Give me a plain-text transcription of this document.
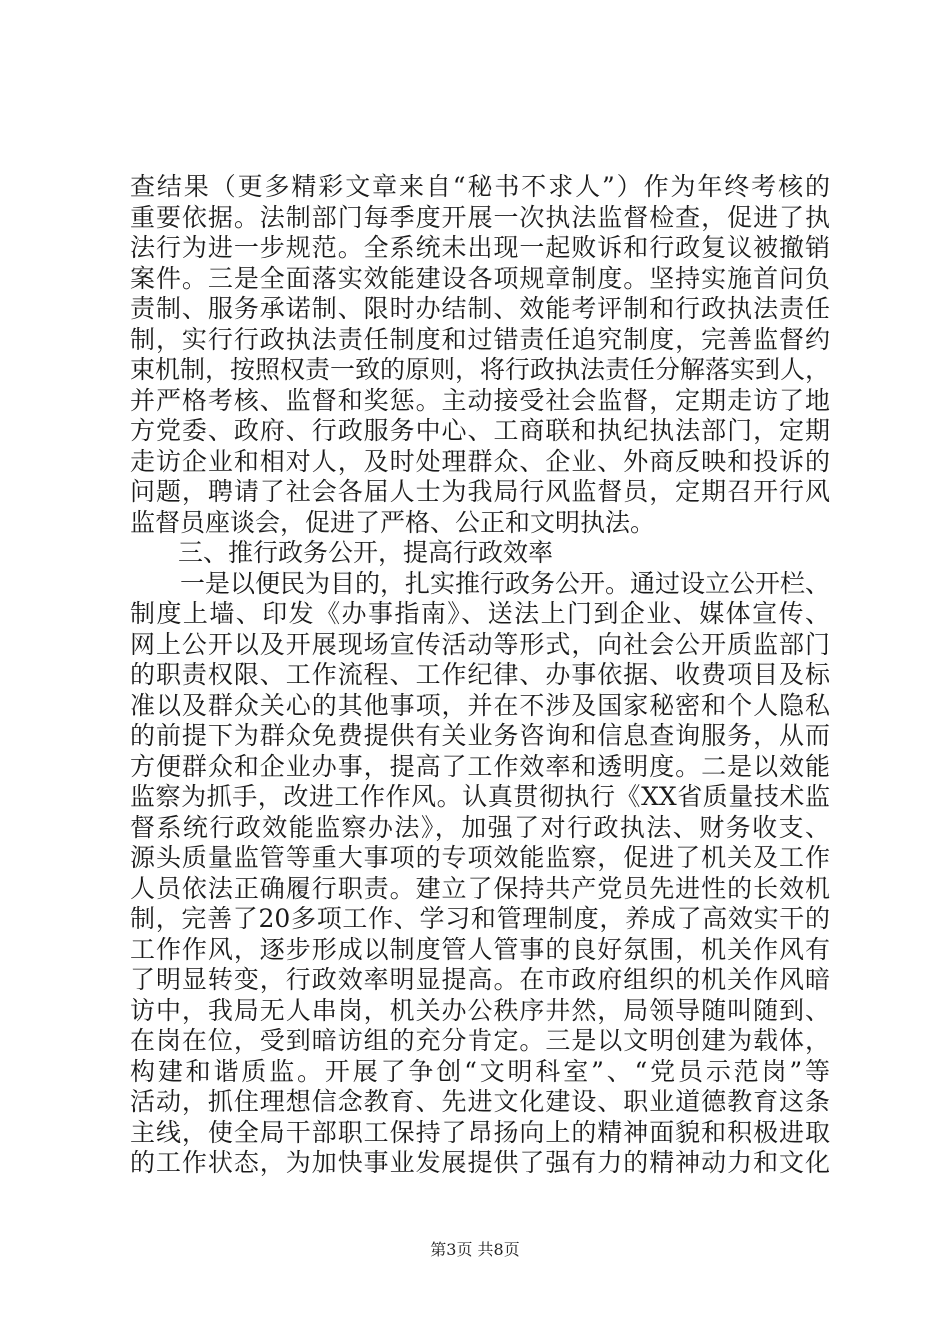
查结果（更多精彩文章来自“秘书不求人”）作为年终考核的
重要依据。法制部门每季度开展一次执法监督检查，促进了执
法行为进一步规范。全系统未出现一起败诉和行政复议被撤销
案件。三是全面落实效能建设各项规章制度。坚持实施首问负
责制、服务承诺制、限时办结制、效能考评制和行政执法责任
制，实行行政执法责任制度和过错责任追究制度，完善监督约
束机制，按照权责一致的原则，将行政执法责任分解落实到人，
并严格考核、监督和奖惩。主动接受社会监督，定期走访了地
方党委、政府、行政服务中心、工商联和执纪执法部门，定期
走访企业和相对人，及时处理群众、企业、外商反映和投诉的
问题，聘请了社会各届人士为我局行风监督员，定期召开行风
监督员座谈会，促进了严格、公正和文明执法。
三、推行政务公开，提高行政效率
一是以便民为目的，扎实推行政务公开。通过设立公开栏、
制度上墙、印发《办事指南》、送法上门到企业、媒体宣传、
网上公开以及开展现场宣传活动等形式，向社会公开质监部门
的职责权限、工作流程、工作纪律、办事依据、收费项目及标
准以及群众关心的其他事项，并在不涉及国家秘密和个人隐私
的前提下为群众免费提供有关业务咨询和信息查询服务，从而
方便群众和企业办事，提高了工作效率和透明度。二是以效能
监察为抓手，改进工作作风。认真贯彻执行《XX省质量技术监
督系统行政效能监察办法》，加强了对行政执法、财务收支、
源头质量监管等重大事项的专项效能监察，促进了机关及工作
人员依法正确履行职责。建立了保持共产党员先进性的长效机
制，完善了20多项工作、学习和管理制度，养成了高效实干的
工作作风，逐步形成以制度管人管事的良好氛围，机关作风有
了明显转变，行政效率明显提高。在市政府组织的机关作风暗
访中，我局无人串岗，机关办公秩序井然，局领导随叫随到、
在岗在位，受到暗访组的充分肯定。三是以文明创建为载体，
构建和谐质监。开展了争创“文明科室”、“党员示范岗”等
活动，抓住理想信念教育、先进文化建设、职业道德教育这条
主线，使全局干部职工保持了昂扬向上的精神面貌和积极进取
的工作状态，为加快事业发展提供了强有力的精神动力和文化
第3页 共8页
